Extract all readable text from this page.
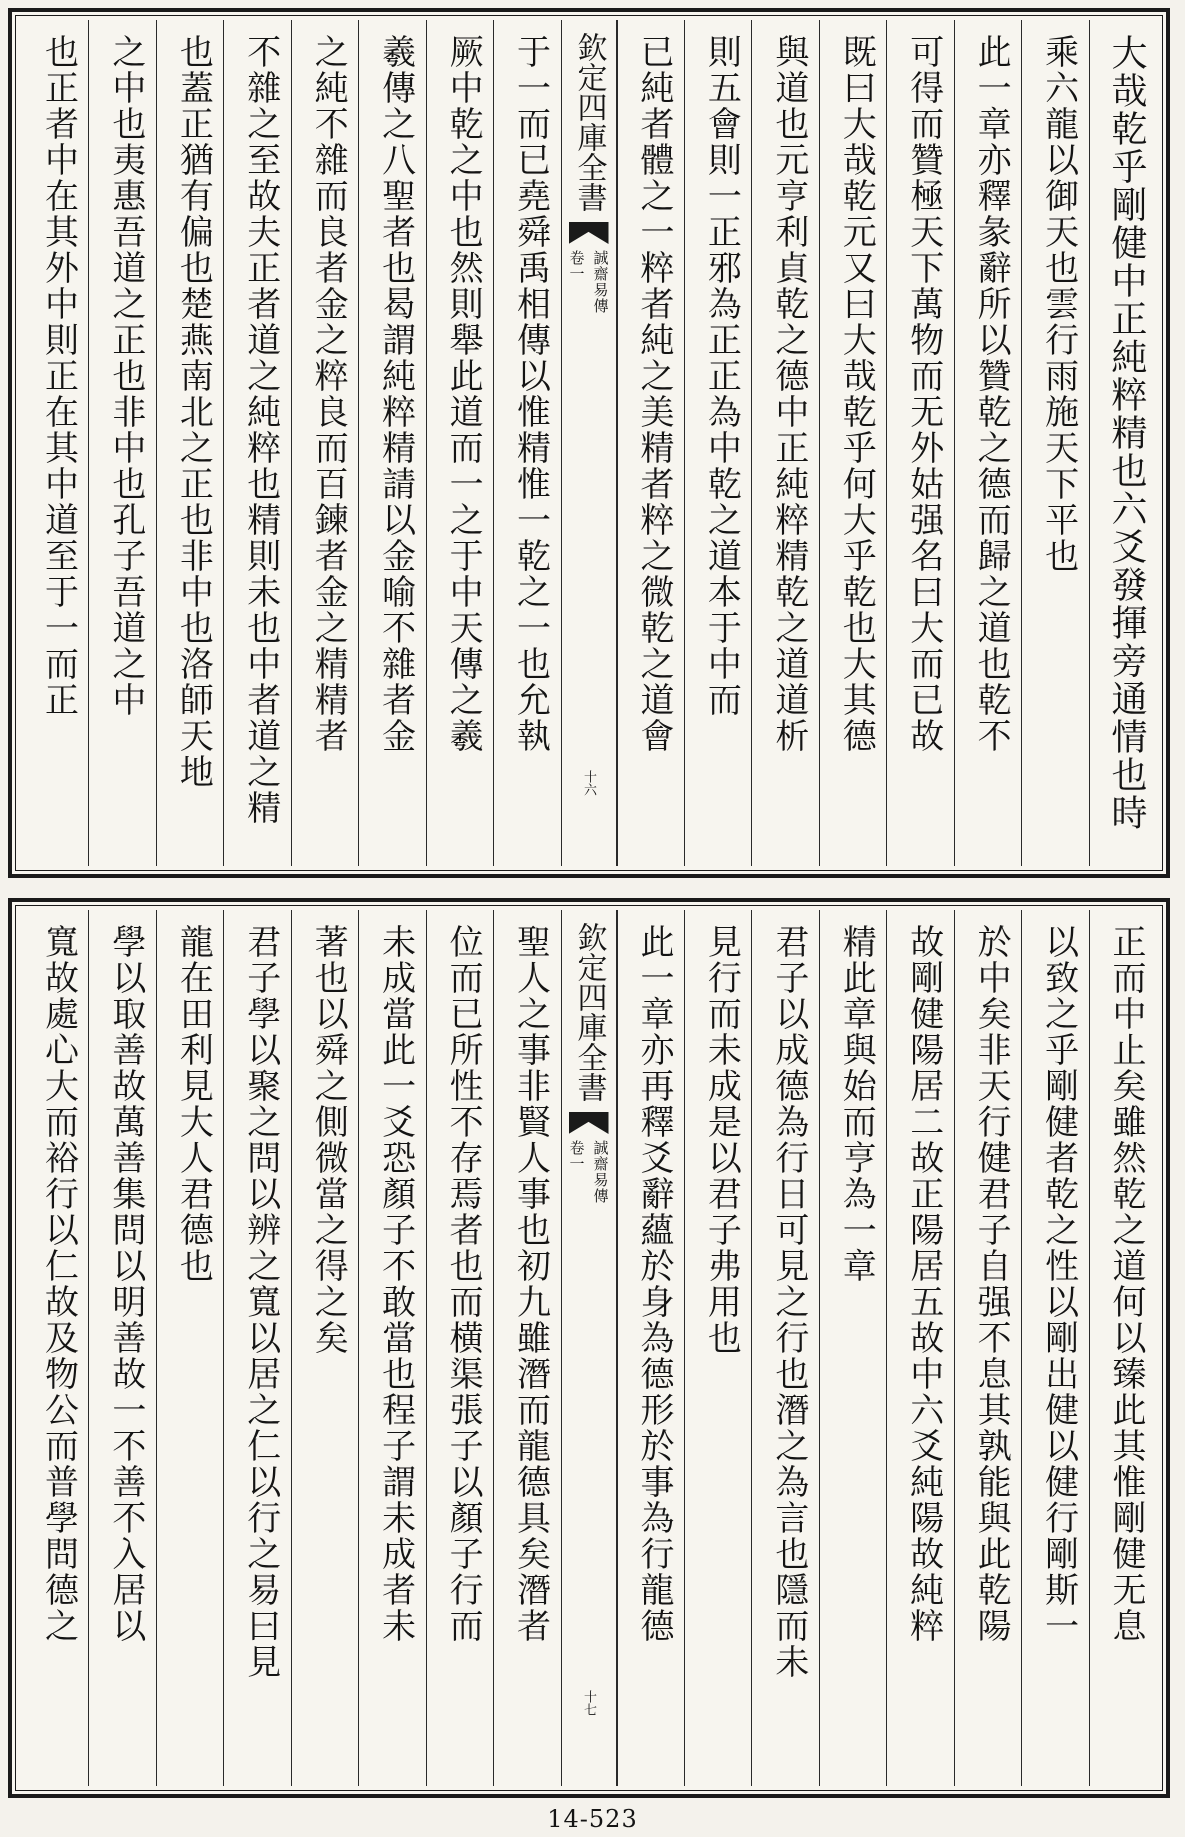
大哉乾乎剛健中正純粹精也六爻發揮旁通情也時
乘六龍以御天也雲行雨施天下平也
此一章亦釋彖辭所以贊乾之德而歸之道也乾不
可得而贊極天下萬物而无外姑强名曰大而已故
既曰大哉乾元又曰大哉乾乎何大乎乾也大其德
與道也元亨利貞乾之德中正純粹精乾之道道析
則五會則一正邪為正正為中乾之道本于中而
已純者體之一粹者純之美精者粹之微乾之道會
欽定四庫全書
誠齋易傳
卷一
十六
于一而已堯舜禹相傳以惟精惟一乾之一也允執
厥中乾之中也然則舉此道而一之于中天傳之羲
羲傳之八聖者也曷謂純粹精請以金喻不雜者金
之純不雜而良者金之粹良而百鍊者金之精精者
不雜之至故夫正者道之純粹也精則未也中者道之精
也蓋正猶有偏也楚燕南北之正也非中也洛師天地
之中也夷惠吾道之正也非中也孔子吾道之中
也正者中在其外中則正在其中道至于一而正
正而中止矣雖然乾之道何以臻此其惟剛健无息
以致之乎剛健者乾之性以剛出健以健行剛斯一
於中矣非天行健君子自强不息其孰能與此乾陽
故剛健陽居二故正陽居五故中六爻純陽故純粹
精此章與始而亨為一章
君子以成德為行日可見之行也潛之為言也隱而未
見行而未成是以君子弗用也
此一章亦再釋爻辭蘊於身為德形於事為行龍德
欽定四庫全書
誠齋易傳
卷一
十七
聖人之事非賢人事也初九雖潛而龍德具矣潛者
位而已所性不存焉者也而横渠張子以顏子行而
未成當此一爻恐顏子不敢當也程子謂未成者未
著也以舜之側微當之得之矣
君子學以聚之問以辨之寬以居之仁以行之易曰見
龍在田利見大人君德也
學以取善故萬善集問以明善故一不善不入居以
寬故處心大而裕行以仁故及物公而普學問德之
14-523
